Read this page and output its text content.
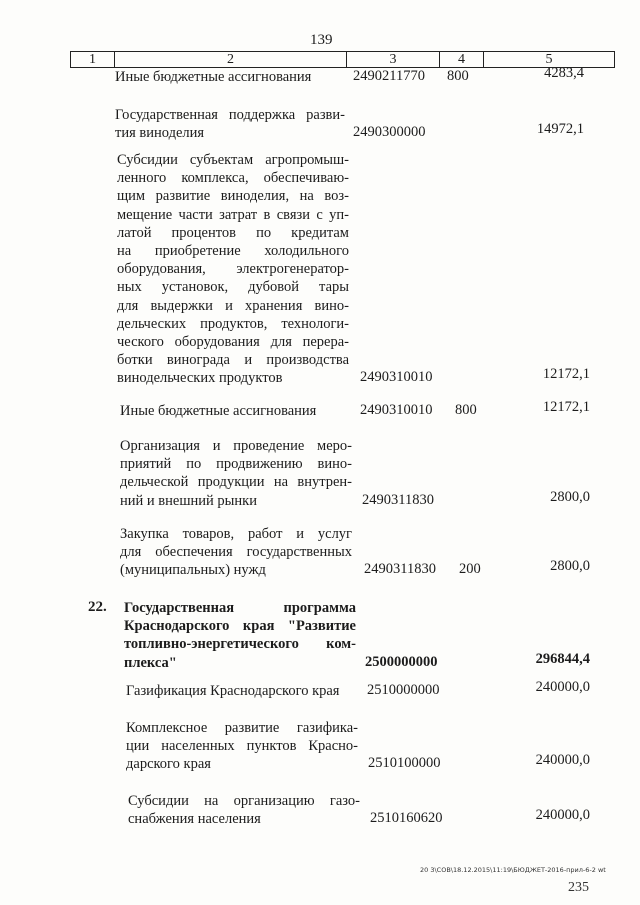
139
1	2	3	4	5
Иные бюджетные ассигнования	2490211770 800	4283,4
Государственная поддержка разви-
тия виноделия	2490300000	14972,1
Субсидии субъектам агропромыш-
ленного комплекса, обеспечиваю-
щим развитие виноделия, на воз-
мещение части затрат в связи с уп-
латой процентов по кредитам
на приобретение холодильного
оборудования, электрогенератор-
ных установок, дубовой тары
для выдержки и хранения вино-
дельческих продуктов, технологи-
ческого оборудования для перера-
ботки винограда и производства
винодельческих продуктов	2490310010	12172,1
Иные бюджетные ассигнования	2490310010 800	12172,1
Организация и проведение меро-
приятий по продвижению вино-
дельческой продукции на внутрен-
ний и внешний рынки	2490311830	2800,0
Закупка товаров, работ и услуг
для обеспечения государственных
(муниципальных) нужд	2490311830 200	2800,0
22. Государственная программа
Краснодарского края "Развитие
топливно-энергетического ком-
плекса"	2500000000	296844,4
Газификация Краснодарского края	2510000000	240000,0
Комплексное развитие газифика-
ции населенных пунктов Красно-
дарского края	2510100000	240000,0
Субсидии на организацию газо-
снабжения населения	2510160620	240000,0
20 3\СОВ\18.12.2015\11:19\БЮДЖЕТ-2016-прил-6-2 wt
235
